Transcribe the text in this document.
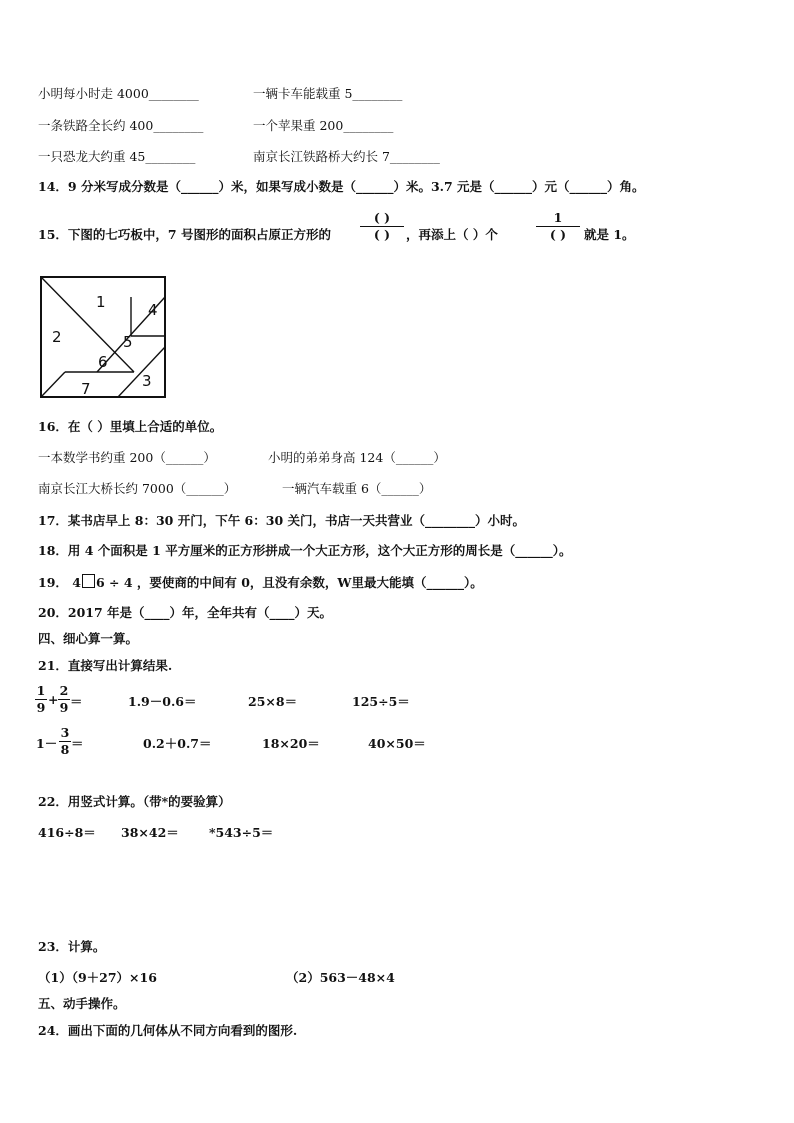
小明每小时走 4000________	一辆卡车能载重 5________
一条铁路全长约 400________	一个苹果重 200________
一只恐龙大约重 45________	南京长江铁路桥大约长 7________
14．9 分米写成分数是（______）米，如果写成小数是（______）米。3.7 元是（______）元（______）角。
15．下图的七巧板中，7 号图形的面积占原正方形的
( )
( )	，再添上（ ）个
1
( )	就是 1。
1
2
3
4
5
6
7
16．在（ ）里填上合适的单位。
一本数学书约重 200（______）	小明的弟弟身高 124（______）
南京长江大桥长约 7000（______）	一辆汽车载重 6（______）
17．某书店早上 8：30 开门，下午 6：30 关门，书店一天共营业（________）小时。
18．用 4 个面积是 1 平方厘米的正方形拼成一个大正方形，这个大正方形的周长是（______）。
19． 4 6 ÷ 4 ，要使商的中间有 0，且没有余数，W里最大能填（______）。
20．2017 年是（____）年，全年共有（____）天。
四、细心算一算。
21．直接写出计算结果.
1
9
+
2
9 ＝	1.9－0.6＝	25×8＝	125÷5＝
1－
3
8 ＝	0.2＋0.7＝	18×20＝	40×50＝
22．用竖式计算。（带*的要验算）
416÷8＝ 38×42＝ *543÷5＝
23．计算。
（1）（9＋27）×16	（2）563－48×4
五、动手操作。
24．画出下面的几何体从不同方向看到的图形.
